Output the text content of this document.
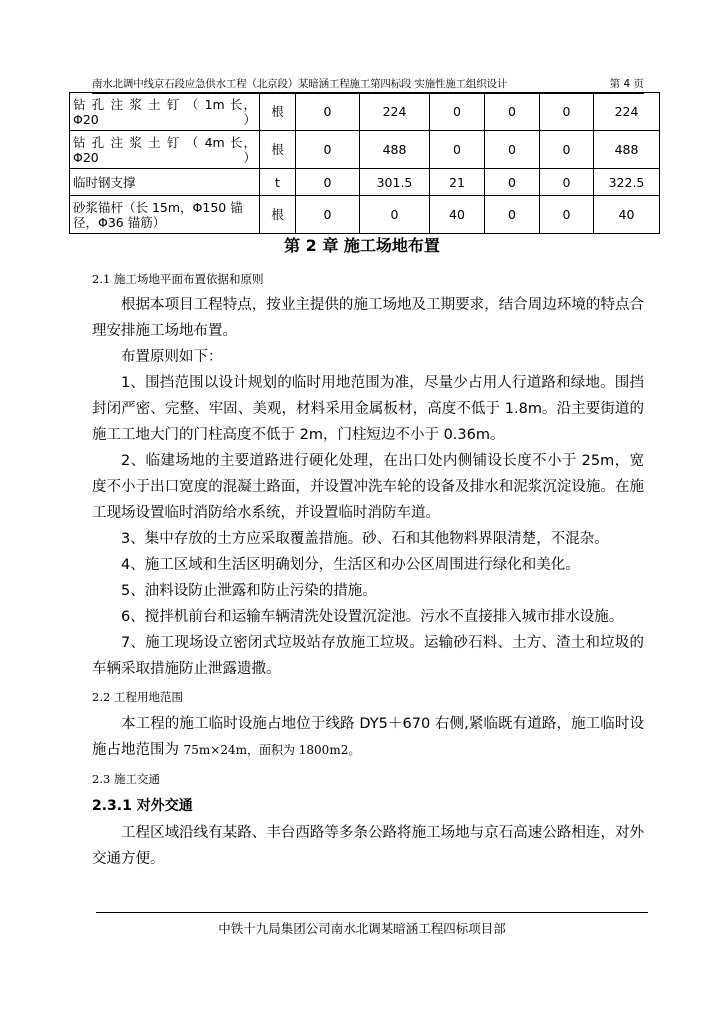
南水北调中线京石段应急供水工程（北京段）某暗涵工程施工第四标段 实施性施工组织设计	第 4 页
钻 孔 注 浆 土 钉 （ 1m 长，Φ20）	根	0	224	0	0	0	224
钻 孔 注 浆 土 钉 （ 4m 长，Φ20）	根	0	488	0	0	0	488
临时钢支撑	t	0	301.5	21	0	0	322.5
砂浆锚杆（长 15m，Φ150 锚径，Φ36 锚筋）	根	0	0	40	0	0	40
第 2 章 施工场地布置
2.1 施工场地平面布置依据和原则

根据本项目工程特点，按业主提供的施工场地及工期要求，结合周边环境的特点合理安排施工场地布置。

布置原则如下：

1、围挡范围以设计规划的临时用地范围为准，尽量少占用人行道路和绿地。围挡封闭严密、完整、牢固、美观，材料采用金属板材，高度不低于 1.8m。沿主要街道的施工工地大门的门柱高度不低于 2m，门柱短边不小于 0.36m。

2、临建场地的主要道路进行硬化处理，在出口处内侧铺设长度不小于 25m，宽度不小于出口宽度的混凝土路面，并设置冲洗车轮的设备及排水和泥浆沉淀设施。在施工现场设置临时消防给水系统，并设置临时消防车道。

3、集中存放的土方应采取覆盖措施。砂、石和其他物料界限清楚，不混杂。

4、施工区域和生活区明确划分，生活区和办公区周围进行绿化和美化。

5、油料设防止泄露和防止污染的措施。

6、搅拌机前台和运输车辆清洗处设置沉淀池。污水不直接排入城市排水设施。

7、施工现场设立密闭式垃圾站存放施工垃圾。运输砂石料、土方、渣土和垃圾的车辆采取措施防止泄露遗撒。

2.2 工程用地范围

本工程的施工临时设施占地位于线路 DY5＋670 右侧,紧临既有道路，施工临时设施占地范围为 75m×24m，面积为 1800m2。

2.3 施工交通
2.3.1 对外交通

工程区域沿线有某路、丰台西路等多条公路将施工场地与京石高速公路相连，对外交通方便。

中铁十九局集团公司南水北调某暗涵工程四标项目部
